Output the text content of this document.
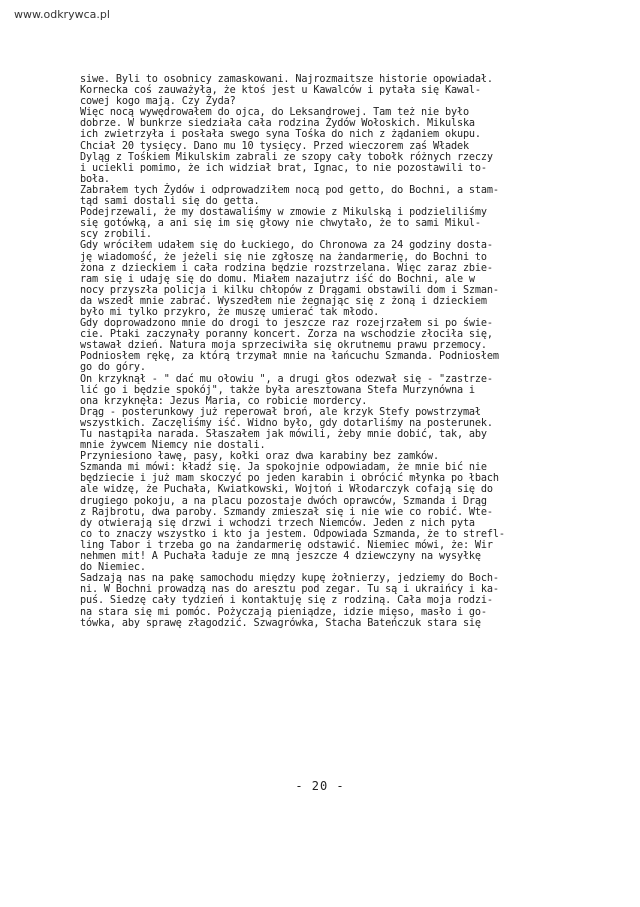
www.odkrywca.pl

siwe. Byli to osobnicy zamaskowani. Najrozmaitsze historie opowiadał.
Kornecka coś zauważyła, że ktoś jest u Kawalców i pytała się Kawal-
cowej kogo mają. Czy Żyda?

Więc nocą wywędrowałem do ojca, do Leksandrowej. Tam też nie było
dobrze. W bunkrze siedziała cała rodzina Żydów Wołoskich. Mikulska
ich zwietrzyła i posłała swego syna Tośka do nich z żądaniem okupu.
Chciał 20 tysięcy. Dano mu 10 tysięcy. Przed wieczorem zaś Władek
Dyląg z Tośkiem Mikulskim zabrali ze szopy cały tobołk różnych rzeczy
i uciekli pomimo, że ich widział brat, Ignac, to nie pozostawili to-
boła.

Zabrałem tych Żydów i odprowadziłem nocą pod getto, do Bochni, a stam-
tąd sami dostali się do getta.

Podejrzewali, że my dostawaliśmy w zmowie z Mikulską i podzieliliśmy
się gotówką, a ani się im się głowy nie chwytało, że to sami Mikul-
scy zrobili.

Gdy wróciłem udałem się do Łuckiego, do Chronowa za 24 godziny dosta-
ję wiadomość, że jeżeli się nie zgłoszę na żandarmerię, do Bochni to
żona z dzieckiem i cała rodzina będzie rozstrzelana. Więc zaraz zbie-
ram się i udaję się do domu. Miałem nazajutrz iść do Bochni, ale w
nocy przyszła policja i kilku chłopów z Drągami obstawili dom i Szman-
da wszedł mnie zabrać. Wyszedłem nie żegnając się z żoną i dzieckiem
było mi tylko przykro, że muszę umierać tak młodo.

Gdy doprowadzono mnie do drogi to jeszcze raz rozejrzałem si po świe-
cie. Ptaki zaczynały poranny koncert. Zorza na wschodzie złociła się,
wstawał dzień. Natura moja sprzeciwiła się okrutnemu prawu przemocy.
Podniosłem rękę, za którą trzymał mnie na łańcuchu Szmanda. Podniosłem
go do góry.

On krzyknął - " dać mu ołowiu ", a drugi głos odezwał się - "zastrze-
lić go i będzie spokój", także była aresztowana Stefa Murzynówna i
ona krzyknęła: Jezus Maria, co robicie mordercy.

Drąg - posterunkowy już reperował broń, ale krzyk Stefy powstrzymał
wszystkich. Zaczęliśmy iść. Widno było, gdy dotarliśmy na posterunek.
Tu nastąpiła narada. Słaszałem jak mówili, żeby mnie dobić, tak, aby
mnie żywcem Niemcy nie dostali.

Przyniesiono ławę, pasy, kołki oraz dwa karabiny bez zamków.

Szmanda mi mówi: kładź się. Ja spokojnie odpowiadam, że mnie bić nie
będziecie i już mam skoczyć po jeden karabin i obrócić młynka po łbach
ale widzę, że Puchała, Kwiatkowski, Wojtoń i Włodarczyk cofają się do
drugiego pokoju, a na placu pozostaje dwóch oprawców, Szmanda i Drąg
z Rajbrotu, dwa paroby. Szmandy zmieszał się i nie wie co robić. Wte-
dy otwierają się drzwi i wchodzi trzech Niemców. Jeden z nich pyta
co to znaczy wszystko i kto ja jestem. Odpowiada Szmanda, że to strefl-
ling Tabor i trzeba go na żandarmerię odstawić. Niemiec mówi, że: Wir
nehmen mit! A Puchała ładuje ze mną jeszcze 4 dziewczyny na wysyłkę
do Niemiec.

Sadzają nas na pakę samochodu między kupę żołnierzy, jedziemy do Boch-
ni. W Bochni prowadzą nas do aresztu pod zegar. Tu są i ukraińcy i ka-
puś. Siedzę cały tydzień i kontaktuję się z rodziną. Cała moja rodzi-
na stara się mi pomóc. Pożyczają pieniądze, idzie mięso, masło i go-
tówka, aby sprawę złagodzić. Szwagrówka, Stacha Bateńczuk stara się

- 20 -
